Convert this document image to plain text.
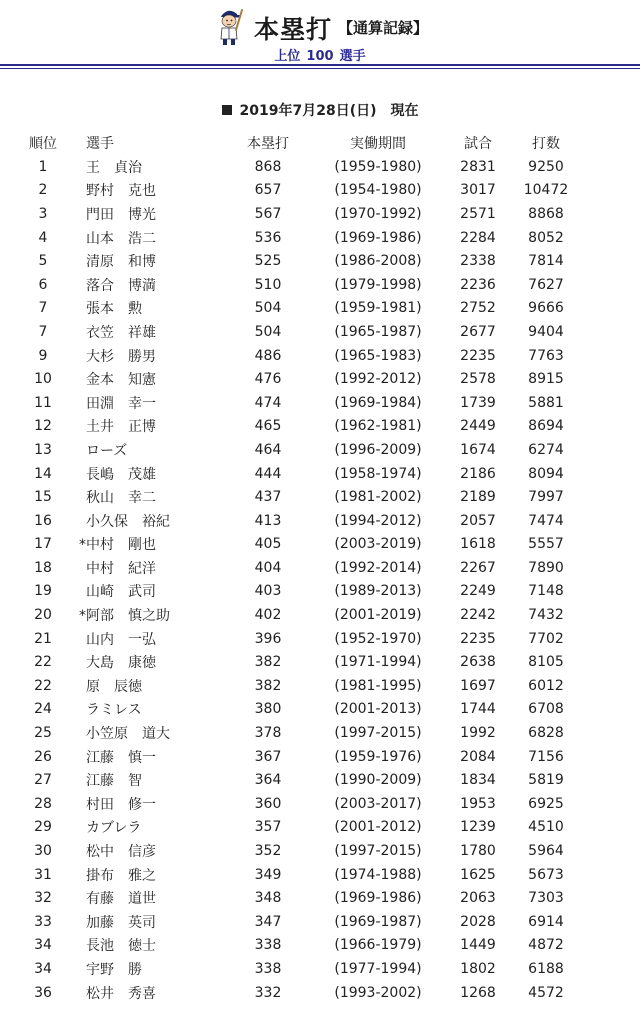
本塁打 【通算記録】
上位 100 選手
2019年7月28日(日) 現在
順位	選手	本塁打	実働期間	試合	打数	
1	王　貞治	868	(1959-1980)	2831	9250	
2	野村　克也	657	(1954-1980)	3017	10472	
3	門田　博光	567	(1970-1992)	2571	8868	
4	山本　浩二	536	(1969-1986)	2284	8052	
5	清原　和博	525	(1986-2008)	2338	7814	
6	落合　博満	510	(1979-1998)	2236	7627	
7	張本　勲	504	(1959-1981)	2752	9666	
7	衣笠　祥雄	504	(1965-1987)	2677	9404	
9	大杉　勝男	486	(1965-1983)	2235	7763	
10	金本　知憲	476	(1992-2012)	2578	8915	
11	田淵　幸一	474	(1969-1984)	1739	5881	
12	土井　正博	465	(1962-1981)	2449	8694	
13	ローズ	464	(1996-2009)	1674	6274	
14	長嶋　茂雄	444	(1958-1974)	2186	8094	
15	秋山　幸二	437	(1981-2002)	2189	7997	
16	小久保　裕紀	413	(1994-2012)	2057	7474	
17	*中村　剛也	405	(2003-2019)	1618	5557	
18	中村　紀洋	404	(1992-2014)	2267	7890	
19	山崎　武司	403	(1989-2013)	2249	7148	
20	*阿部　慎之助	402	(2001-2019)	2242	7432	
21	山内　一弘	396	(1952-1970)	2235	7702	
22	大島　康徳	382	(1971-1994)	2638	8105	
22	原　辰徳	382	(1981-1995)	1697	6012	
24	ラミレス	380	(2001-2013)	1744	6708	
25	小笠原　道大	378	(1997-2015)	1992	6828	
26	江藤　慎一	367	(1959-1976)	2084	7156	
27	江藤　智	364	(1990-2009)	1834	5819	
28	村田　修一	360	(2003-2017)	1953	6925	
29	カブレラ	357	(2001-2012)	1239	4510	
30	松中　信彦	352	(1997-2015)	1780	5964	
31	掛布　雅之	349	(1974-1988)	1625	5673	
32	有藤　道世	348	(1969-1986)	2063	7303	
33	加藤　英司	347	(1969-1987)	2028	6914	
34	長池　徳士	338	(1966-1979)	1449	4872	
34	宇野　勝	338	(1977-1994)	1802	6188	
36	松井　秀喜	332	(1993-2002)	1268	4572	
